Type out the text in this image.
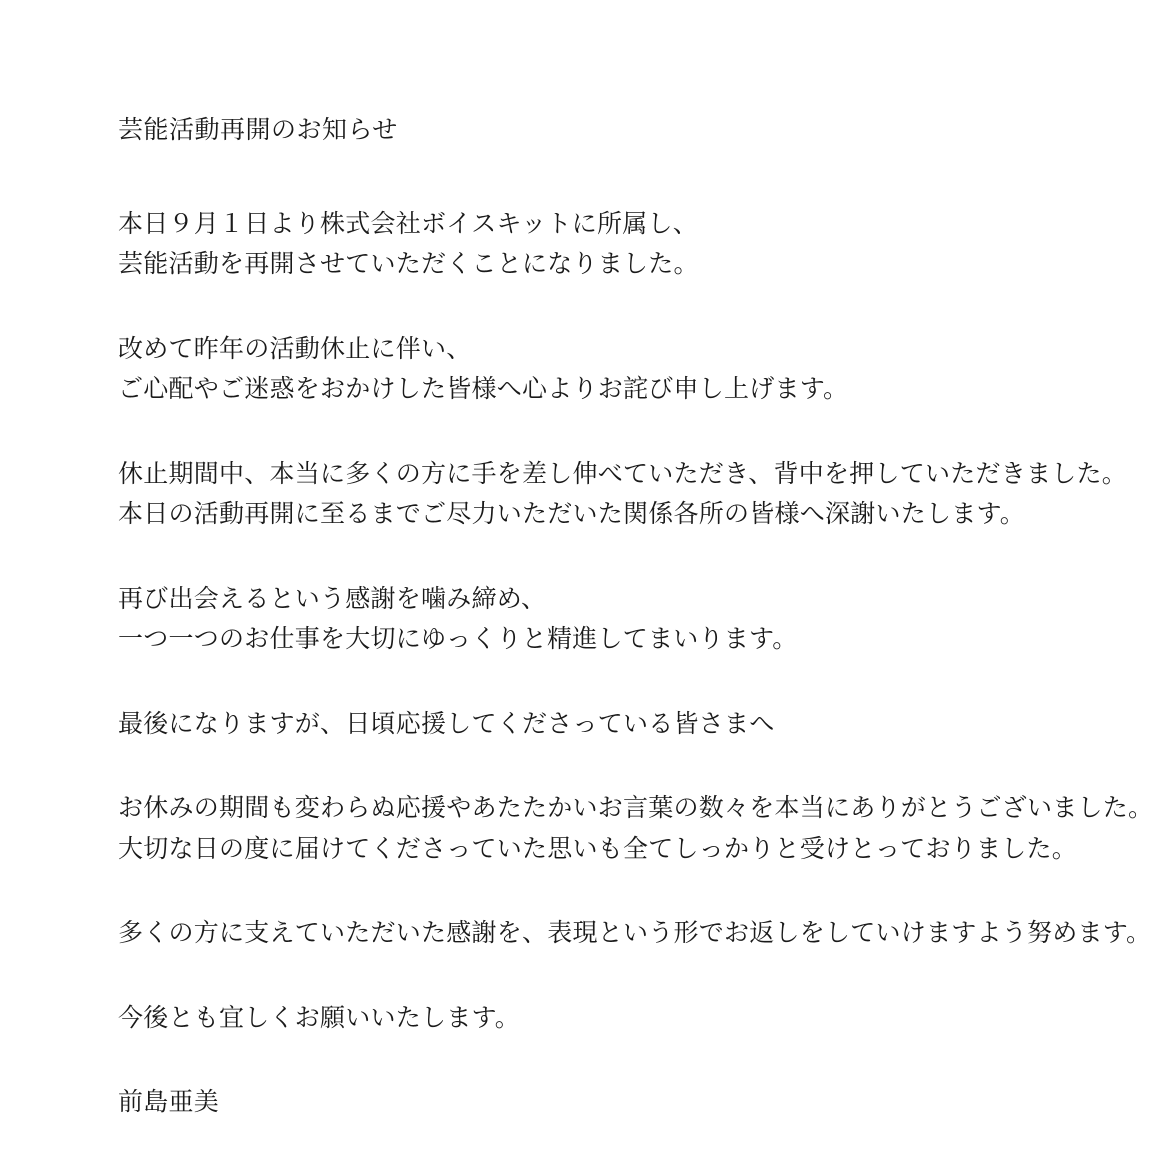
芸能活動再開のお知らせ
本日９月１日より株式会社ボイスキットに所属し、
芸能活動を再開させていただくことになりました。
改めて昨年の活動休止に伴い、
ご心配やご迷惑をおかけした皆様へ心よりお詫び申し上げます。
休止期間中、本当に多くの方に手を差し伸べていただき、背中を押していただきました。
本日の活動再開に至るまでご尽力いただいた関係各所の皆様へ深謝いたします。
再び出会えるという感謝を噛み締め、
一つ一つのお仕事を大切にゆっくりと精進してまいります。
最後になりますが、日頃応援してくださっている皆さまへ
お休みの期間も変わらぬ応援やあたたかいお言葉の数々を本当にありがとうございました。
大切な日の度に届けてくださっていた思いも全てしっかりと受けとっておりました。
多くの方に支えていただいた感謝を、表現という形でお返しをしていけますよう努めます。
今後とも宜しくお願いいたします。
前島亜美
